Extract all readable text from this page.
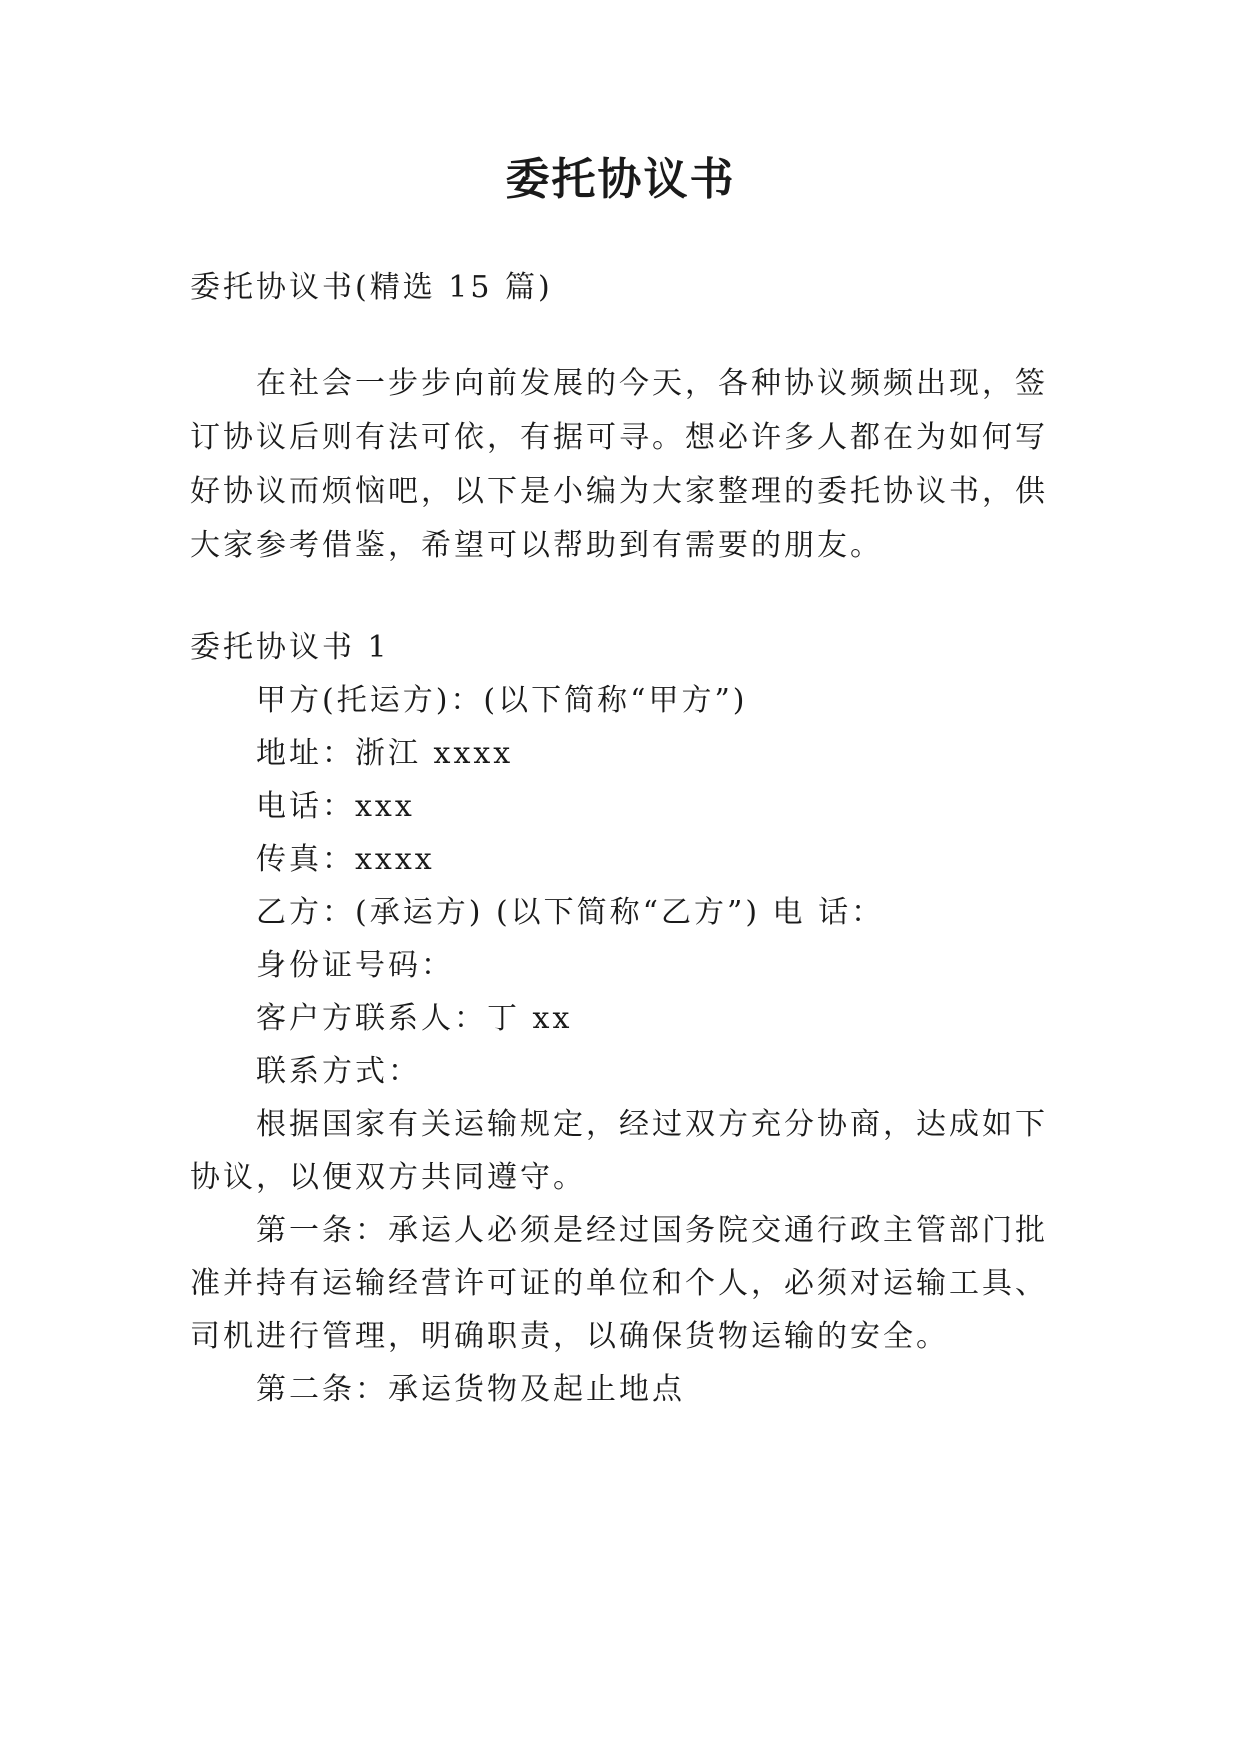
委托协议书

委托协议书(精选 15 篇)

在社会一步步向前发展的今天，各种协议频频出现，签

订协议后则有法可依，有据可寻。想必许多人都在为如何写

好协议而烦恼吧，以下是小编为大家整理的委托协议书，供

大家参考借鉴，希望可以帮助到有需要的朋友。

委托协议书 1

甲方(托运方)：(以下简称“甲方”)

地址：浙江 xxxx

电话：xxx

传真：xxxx

乙方：(承运方) (以下简称“乙方”) 电 话：

身份证号码：

客户方联系人：丁 xx

联系方式：

根据国家有关运输规定，经过双方充分协商，达成如下

协议，以便双方共同遵守。

第一条：承运人必须是经过国务院交通行政主管部门批

准并持有运输经营许可证的单位和个人，必须对运输工具、

司机进行管理，明确职责，以确保货物运输的安全。

第二条：承运货物及起止地点
